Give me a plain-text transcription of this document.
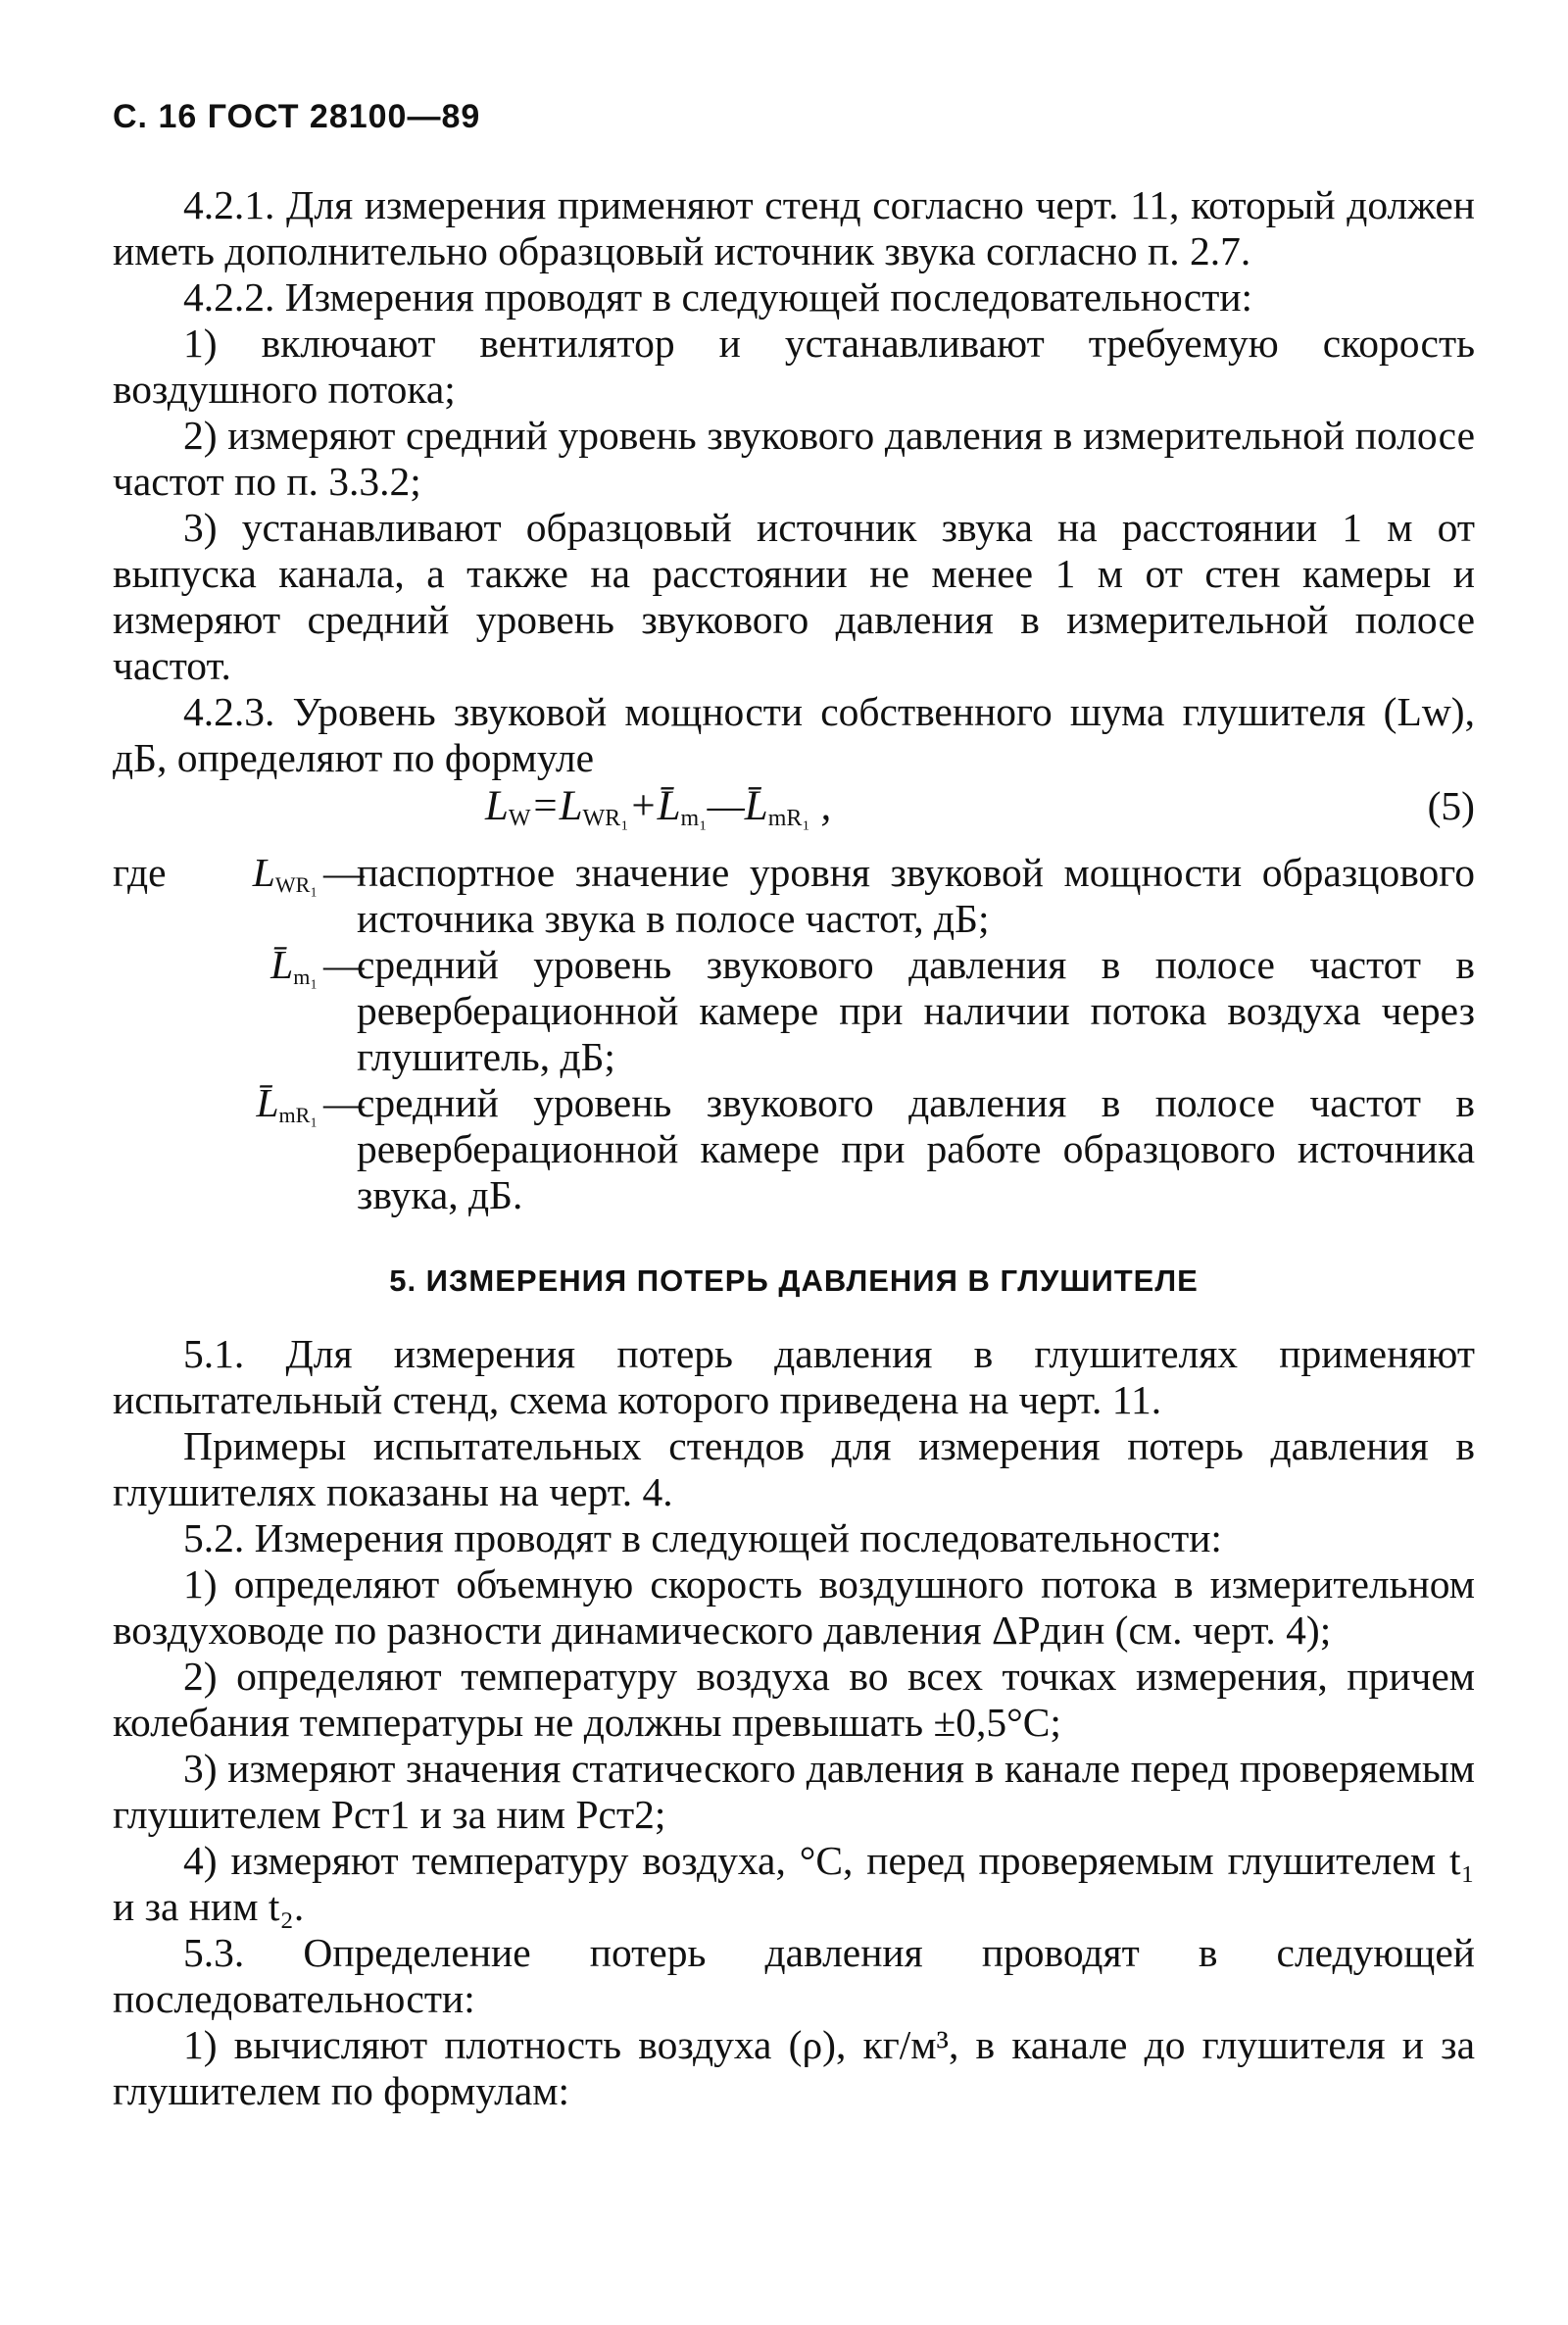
С. 16 ГОСТ 28100—89

4.2.1. Для измерения применяют стенд согласно черт. 11, который должен иметь дополнительно образцовый источник звука согласно п. 2.7.

4.2.2. Измерения проводят в следующей последовательности:

1) включают вентилятор и устанавливают требуемую скорость воздушного потока;

2) измеряют средний уровень звукового давления в измерительной полосе частот по п. 3.3.2;

3) устанавливают образцовый источник звука на расстоянии 1 м от выпуска канала, а также на расстоянии не менее 1 м от стен камеры и измеряют средний уровень звукового давления в измерительной полосе частот.

4.2.3. Уровень звуковой мощности собственного шума глушителя (Lw), дБ, определяют по формуле

$L_W=L_{WR_1}+L̄_{m_1}—L̄_{mR_1}$ ,	(5)
где	$L_{WR_1}$ —
паспортное значение уровня звуковой мощности образцового источника звука в полосе частот, дБ;
$L̄_{m_1}$ —
средний уровень звукового давления в полосе частот в реверберационной камере при наличии потока воздуха через глушитель, дБ;
$L̄_{mR_1}$ —
средний уровень звукового давления в полосе частот в реверберационной камере при работе образцового источника звука, дБ.
5. ИЗМЕРЕНИЯ ПОТЕРЬ ДАВЛЕНИЯ В ГЛУШИТЕЛЕ

5.1. Для измерения потерь давления в глушителях применяют испытательный стенд, схема которого приведена на черт. 11.

Примеры испытательных стендов для измерения потерь давления в глушителях показаны на черт. 4.

5.2. Измерения проводят в следующей последовательности:

1) определяют объемную скорость воздушного потока в измерительном воздуховоде по разности динамического давления ΔPдин (см. черт. 4);

2) определяют температуру воздуха во всех точках измерения, причем колебания температуры не должны превышать ±0,5°С;

3) измеряют значения статического давления в канале перед проверяемым глушителем Pст1 и за ним Pст2;

4) измеряют температуру воздуха, °С, перед проверяемым глушителем t₁ и за ним t₂.

5.3. Определение потерь давления проводят в следующей последовательности:

1) вычисляют плотность воздуха (ρ), кг/м³, в канале до глушителя и за глушителем по формулам:
